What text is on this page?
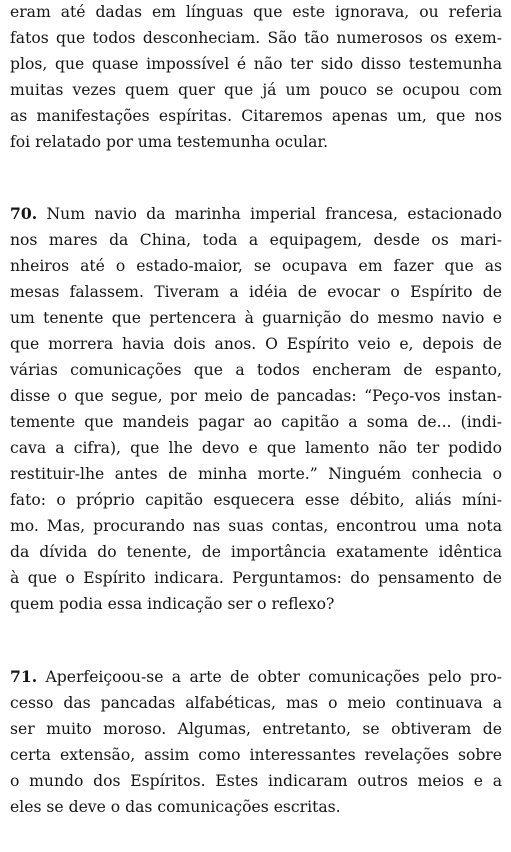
eram até dadas em línguas que este ignorava, ou referia
fatos que todos desconheciam. São tão numerosos os exem-
plos, que quase impossível é não ter sido disso testemunha
muitas vezes quem quer que já um pouco se ocupou com
as manifestações espíritas. Citaremos apenas um, que nos
foi relatado por uma testemunha ocular.
70. Num navio da marinha imperial francesa, estacionado
nos mares da China, toda a equipagem, desde os mari-
nheiros até o estado-maior, se ocupava em fazer que as
mesas falassem. Tiveram a idéia de evocar o Espírito de
um tenente que pertencera à guarnição do mesmo navio e
que morrera havia dois anos. O Espírito veio e, depois de
várias comunicações que a todos encheram de espanto,
disse o que segue, por meio de pancadas: “Peço-vos instan-
temente que mandeis pagar ao capitão a soma de... (indi-
cava a cifra), que lhe devo e que lamento não ter podido
restituir-lhe antes de minha morte.” Ninguém conhecia o
fato: o próprio capitão esquecera esse débito, aliás míni-
mo. Mas, procurando nas suas contas, encontrou uma nota
da dívida do tenente, de importância exatamente idêntica
à que o Espírito indicara. Perguntamos: do pensamento de
quem podia essa indicação ser o reflexo?
71. Aperfeiçoou-se a arte de obter comunicações pelo pro-
cesso das pancadas alfabéticas, mas o meio continuava a
ser muito moroso. Algumas, entretanto, se obtiveram de
certa extensão, assim como interessantes revelações sobre
o mundo dos Espíritos. Estes indicaram outros meios e a
eles se deve o das comunicações escritas.
